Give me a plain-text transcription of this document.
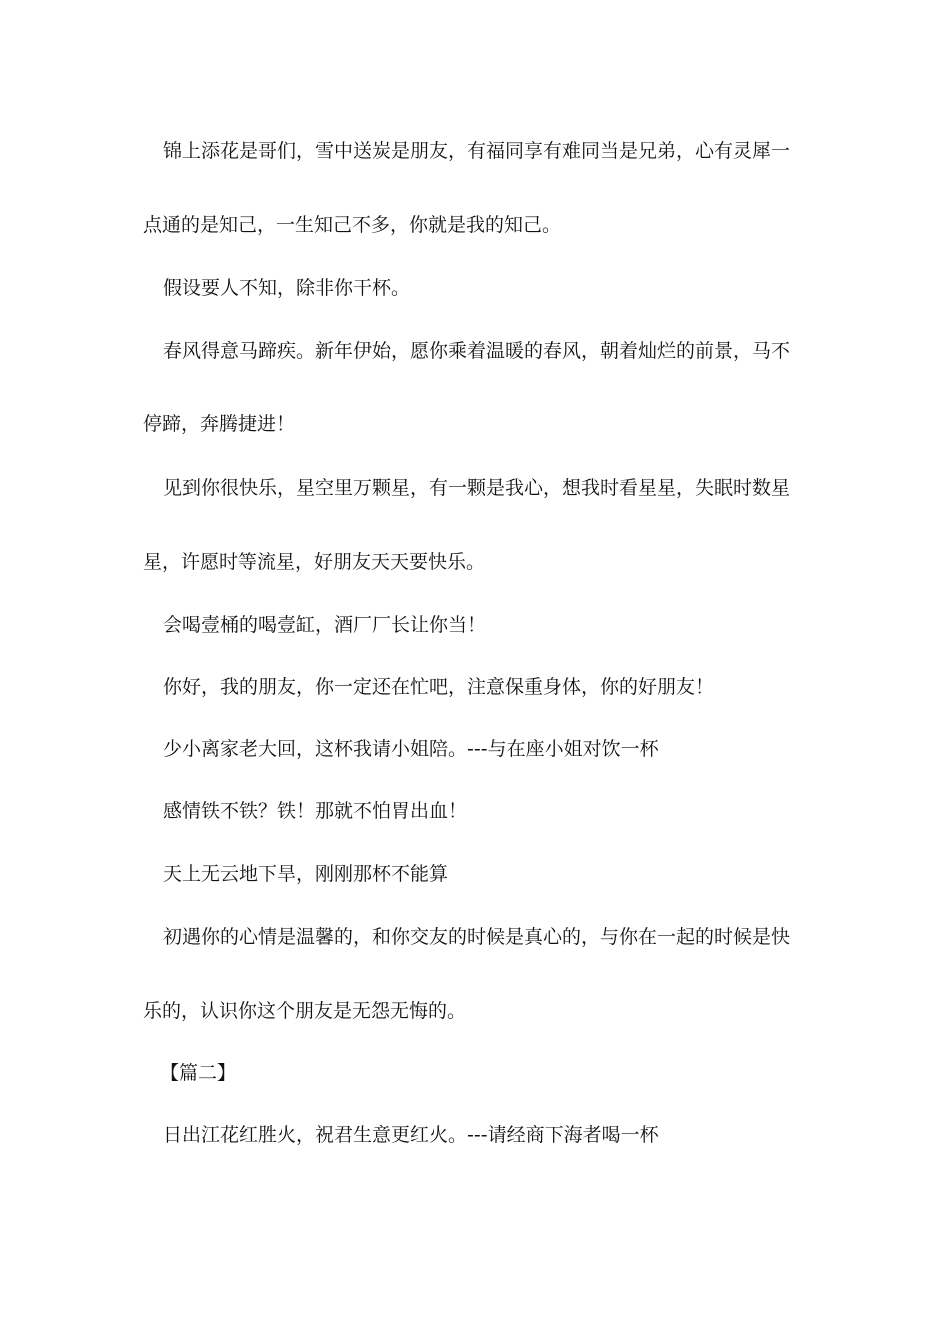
锦上添花是哥们，雪中送炭是朋友，有福同享有难同当是兄弟，心有灵犀一
点通的是知己，一生知己不多，你就是我的知己。
假设要人不知，除非你干杯。
春风得意马蹄疾。新年伊始，愿你乘着温暖的春风，朝着灿烂的前景，马不
停蹄，奔腾捷进！
见到你很快乐，星空里万颗星，有一颗是我心，想我时看星星，失眠时数星
星，许愿时等流星，好朋友天天要快乐。
会喝壹桶的喝壹缸，酒厂厂长让你当！
你好，我的朋友，你一定还在忙吧，注意保重身体，你的好朋友！
少小离家老大回，这杯我请小姐陪。---与在座小姐对饮一杯
感情铁不铁？铁！那就不怕胃出血！
天上无云地下旱，刚刚那杯不能算
初遇你的心情是温馨的，和你交友的时候是真心的，与你在一起的时候是快
乐的，认识你这个朋友是无怨无悔的。
【篇二】
日出江花红胜火，祝君生意更红火。---请经商下海者喝一杯
